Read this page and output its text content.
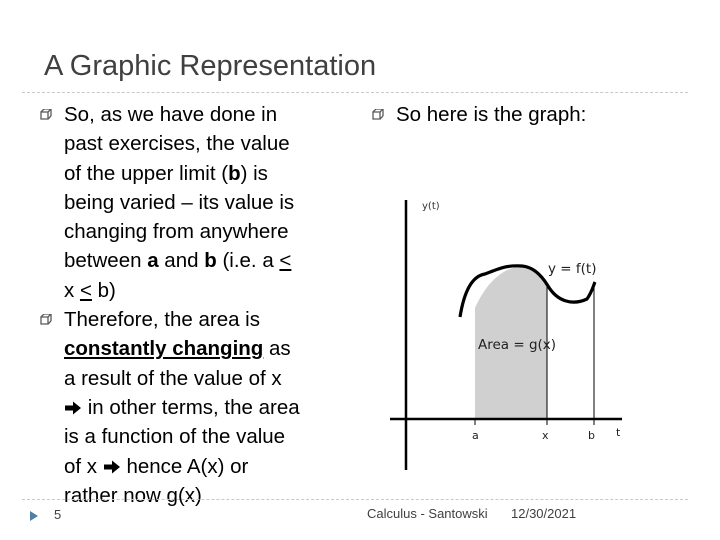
A Graphic Representation
So, as we have done in
past exercises, the value
of the upper limit (b) is
being varied – its value is
changing from anywhere
between a and b (i.e. a <
x ≤ b)
Therefore, the area is
constantly changing as
a result of the value of x
in other terms, the area
is a function of the value
of x  hence A(x) or
rather now g(x)
So here is the graph:
y(t)
y = f(t)
Area = g(x)
a	x	b t
5	Calculus - Santowski 12/30/2021
